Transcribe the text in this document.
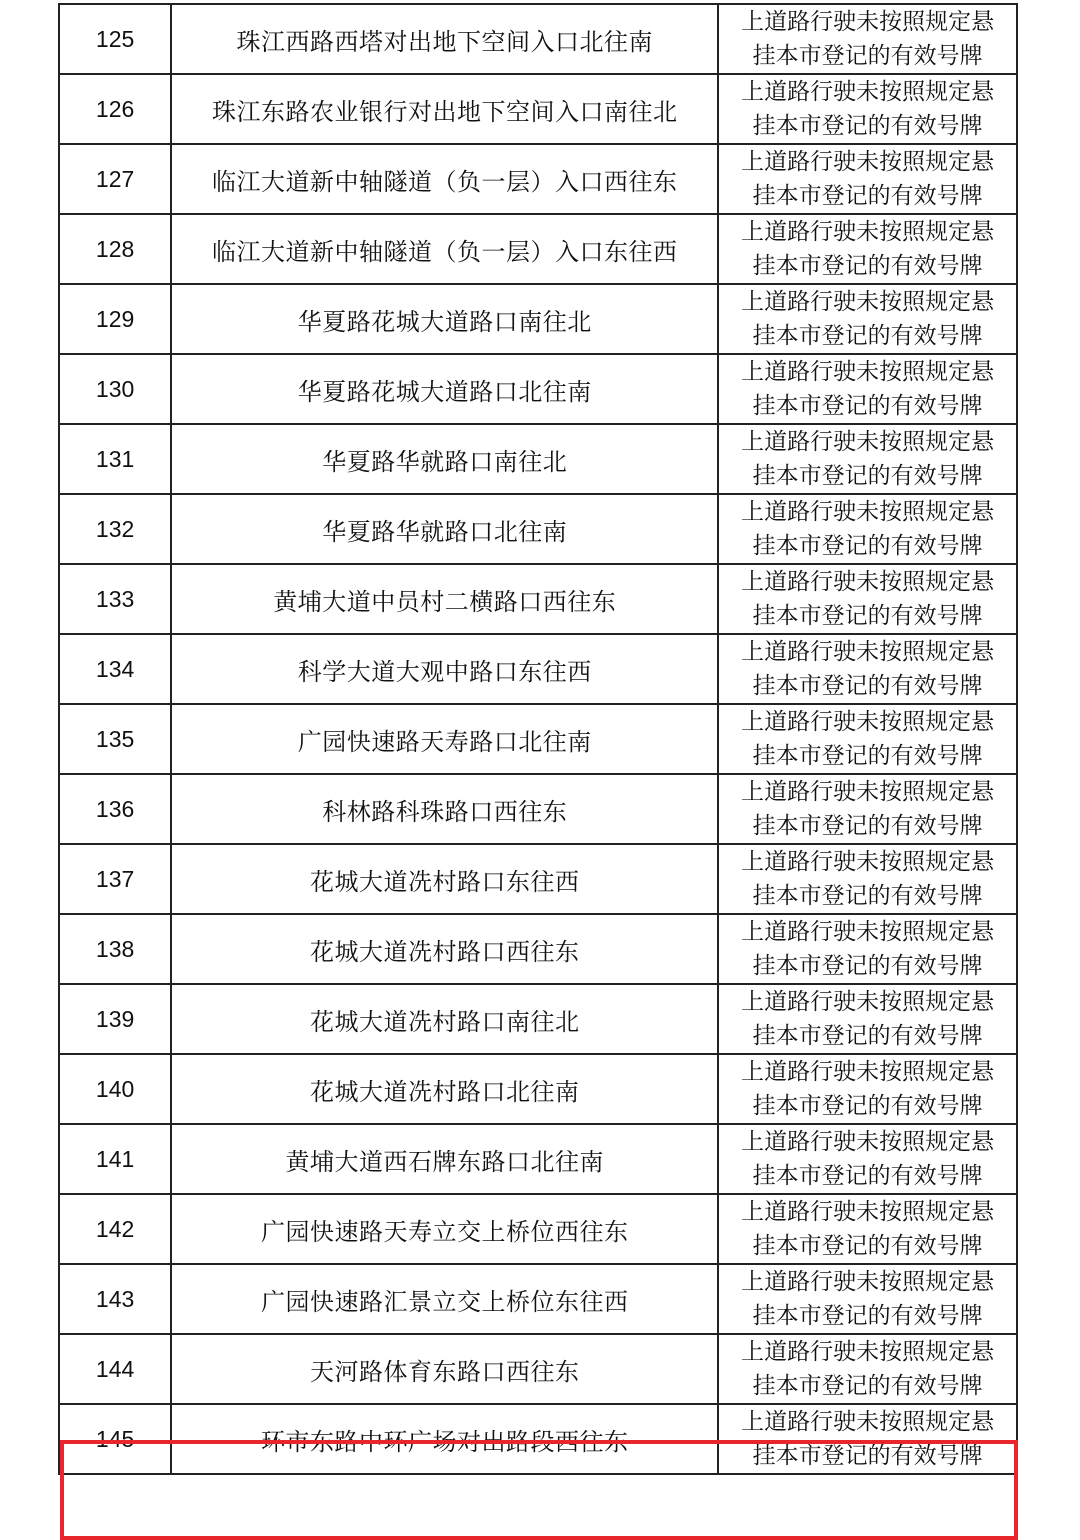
125	珠江西路西塔对出地下空间入口北往南	上道路行驶未按照规定悬
挂本市登记的有效号牌

126	珠江东路农业银行对出地下空间入口南往北	上道路行驶未按照规定悬
挂本市登记的有效号牌

127	临江大道新中轴隧道（负一层）入口西往东	上道路行驶未按照规定悬
挂本市登记的有效号牌

128	临江大道新中轴隧道（负一层）入口东往西	上道路行驶未按照规定悬
挂本市登记的有效号牌

129	华夏路花城大道路口南往北	上道路行驶未按照规定悬
挂本市登记的有效号牌

130	华夏路花城大道路口北往南	上道路行驶未按照规定悬
挂本市登记的有效号牌

131	华夏路华就路口南往北	上道路行驶未按照规定悬
挂本市登记的有效号牌

132	华夏路华就路口北往南	上道路行驶未按照规定悬
挂本市登记的有效号牌

133	黄埔大道中员村二横路口西往东	上道路行驶未按照规定悬
挂本市登记的有效号牌

134	科学大道大观中路口东往西	上道路行驶未按照规定悬
挂本市登记的有效号牌

135	广园快速路天寿路口北往南	上道路行驶未按照规定悬
挂本市登记的有效号牌

136	科林路科珠路口西往东	上道路行驶未按照规定悬
挂本市登记的有效号牌

137	花城大道冼村路口东往西	上道路行驶未按照规定悬
挂本市登记的有效号牌

138	花城大道冼村路口西往东	上道路行驶未按照规定悬
挂本市登记的有效号牌

139	花城大道冼村路口南往北	上道路行驶未按照规定悬
挂本市登记的有效号牌

140	花城大道冼村路口北往南	上道路行驶未按照规定悬
挂本市登记的有效号牌

141	黄埔大道西石牌东路口北往南	上道路行驶未按照规定悬
挂本市登记的有效号牌

142	广园快速路天寿立交上桥位西往东	上道路行驶未按照规定悬
挂本市登记的有效号牌

143	广园快速路汇景立交上桥位东往西	上道路行驶未按照规定悬
挂本市登记的有效号牌

144	天河路体育东路口西往东	上道路行驶未按照规定悬
挂本市登记的有效号牌

145	环市东路中环广场对出路段西往东	上道路行驶未按照规定悬
挂本市登记的有效号牌
